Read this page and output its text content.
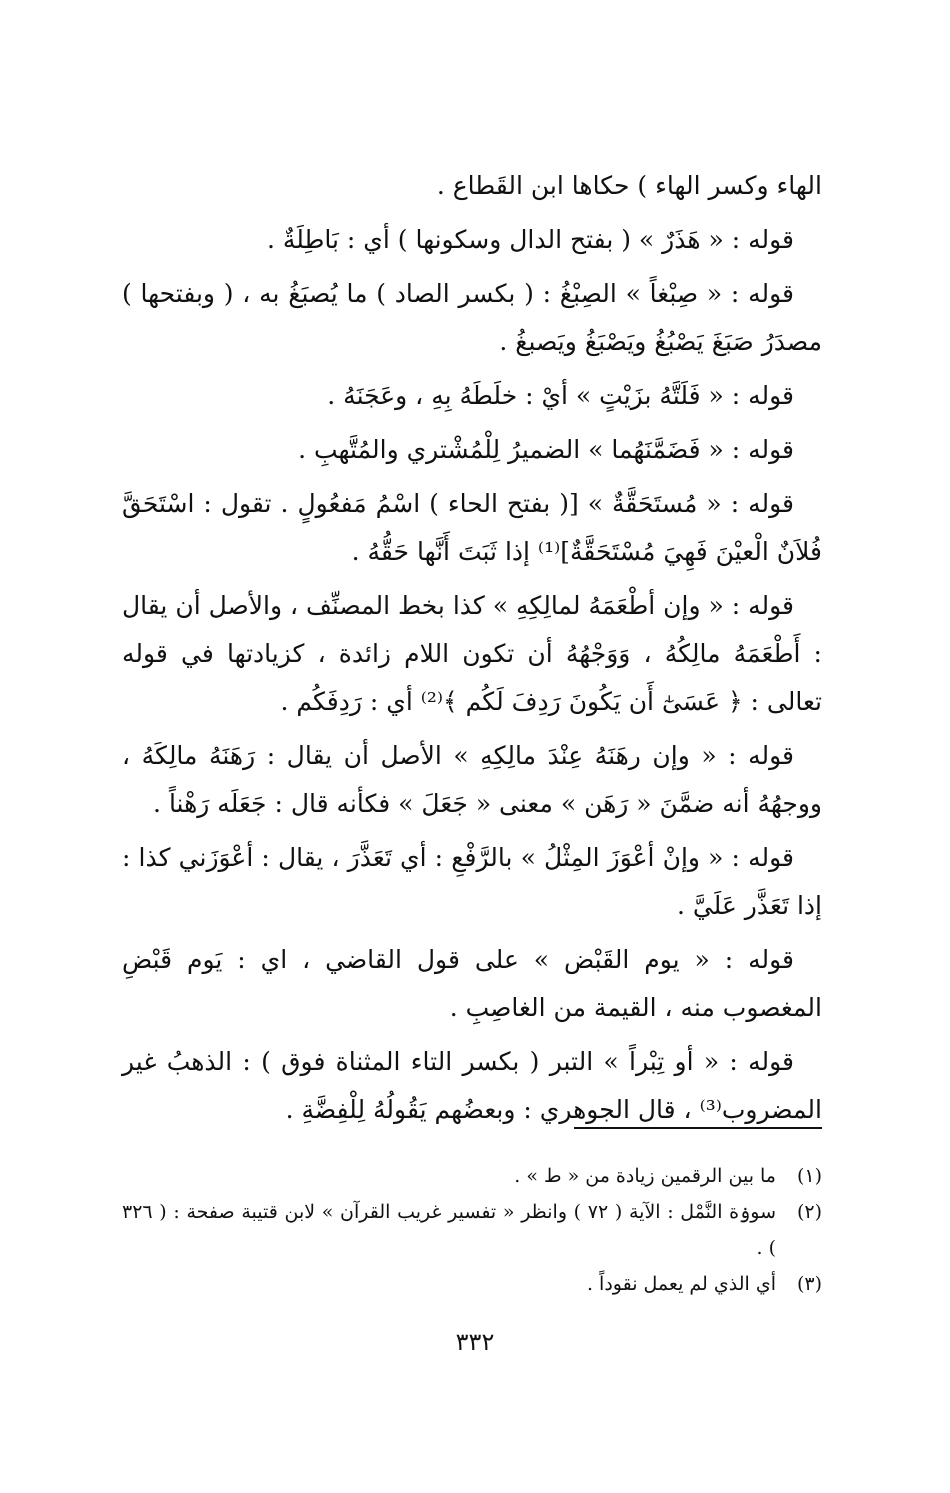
الهاء وكسر الهاء ) حكاها ابن القَطاع .

قوله : « هَذَرٌ » ( بفتح الدال وسكونها ) أي : بَاطِلَةٌ .

قوله : « صِبْغاً » الصِبْغُ : ( بكسر الصاد ) ما يُصبَغُ به ، ( وبفتحها ) مصدَرُ صَبَغَ يَصْبُغُ ويَصْبَغُ ويَصبغُ .

قوله : « فَلَتَّهُ بزَيْتٍ » أيْ : خلَطَهُ بِهِ ، وعَجَنَهُ .

قوله : « فَضَمَّنَهُما » الضميرُ لِلْمُشْتري والمُتَّهبِ .

قوله : « مُستَحَقَّةٌ » [( بفتح الحاء ) اسْمُ مَفعُولٍ . تقول : اسْتَحَقَّ فُلاَنٌ الْعيْنَ فَهِيَ مُسْتَحَقَّةٌ]⁽¹⁾ إذا ثَبَتَ أَنَّها حَقُّهُ .

قوله : « وإن أطْعَمَهُ لمالِكِهِ » كذا بخط المصنِّف ، والأصل أن يقال : أَطْعَمَهُ مالِكُهُ ، وَوَجْهُهُ أن تكون اللام زائدة ، كزيادتها في قوله تعالى : ﴿ عَسَىٰٓ أَن يَكُونَ رَدِفَ لَكُم ﴾⁽²⁾ أي : رَدِفَكُم .

قوله : « وإن رهَنَهُ عِنْدَ مالِكِهِ » الأصل أن يقال : رَهَنَهُ مالِكَهُ ، ووجهُهُ أنه ضمَّنَ « رَهَن » معنى « جَعَلَ » فكأنه قال : جَعَلَه رَهْناً .

قوله : « وإنْ أعْوَزَ المِثْلُ » بالرَّفْعِ : أي تَعَذَّرَ ، يقال : أعْوَزَني كذا : إذا تَعَذَّر عَلَيَّ .

قوله : « يوم القَبْض » على قول القاضي ، اي : يَوم قَبْضِ المغصوب منه ، القيمة من الغاصِبِ .

قوله : « أو تِبْراً » التبر ( بكسر التاء المثناة فوق ) : الذهبُ غير المضروب⁽³⁾ ، قال الجوهري : وبعضُهم يَقُولُهُ لِلْفِضَّةِ .

(١)
ما بين الرقمين زيادة من « ط » .
(٢)
سوۏة النَّمْل : الآية ( ٧٢ ) وانظر « تفسير غريب القرآن » لابن قتيبة صفحة : ( ٣٢٦ ) .
(٣)
أي الذي لم يعمل نقوداً .
٣٣٢
